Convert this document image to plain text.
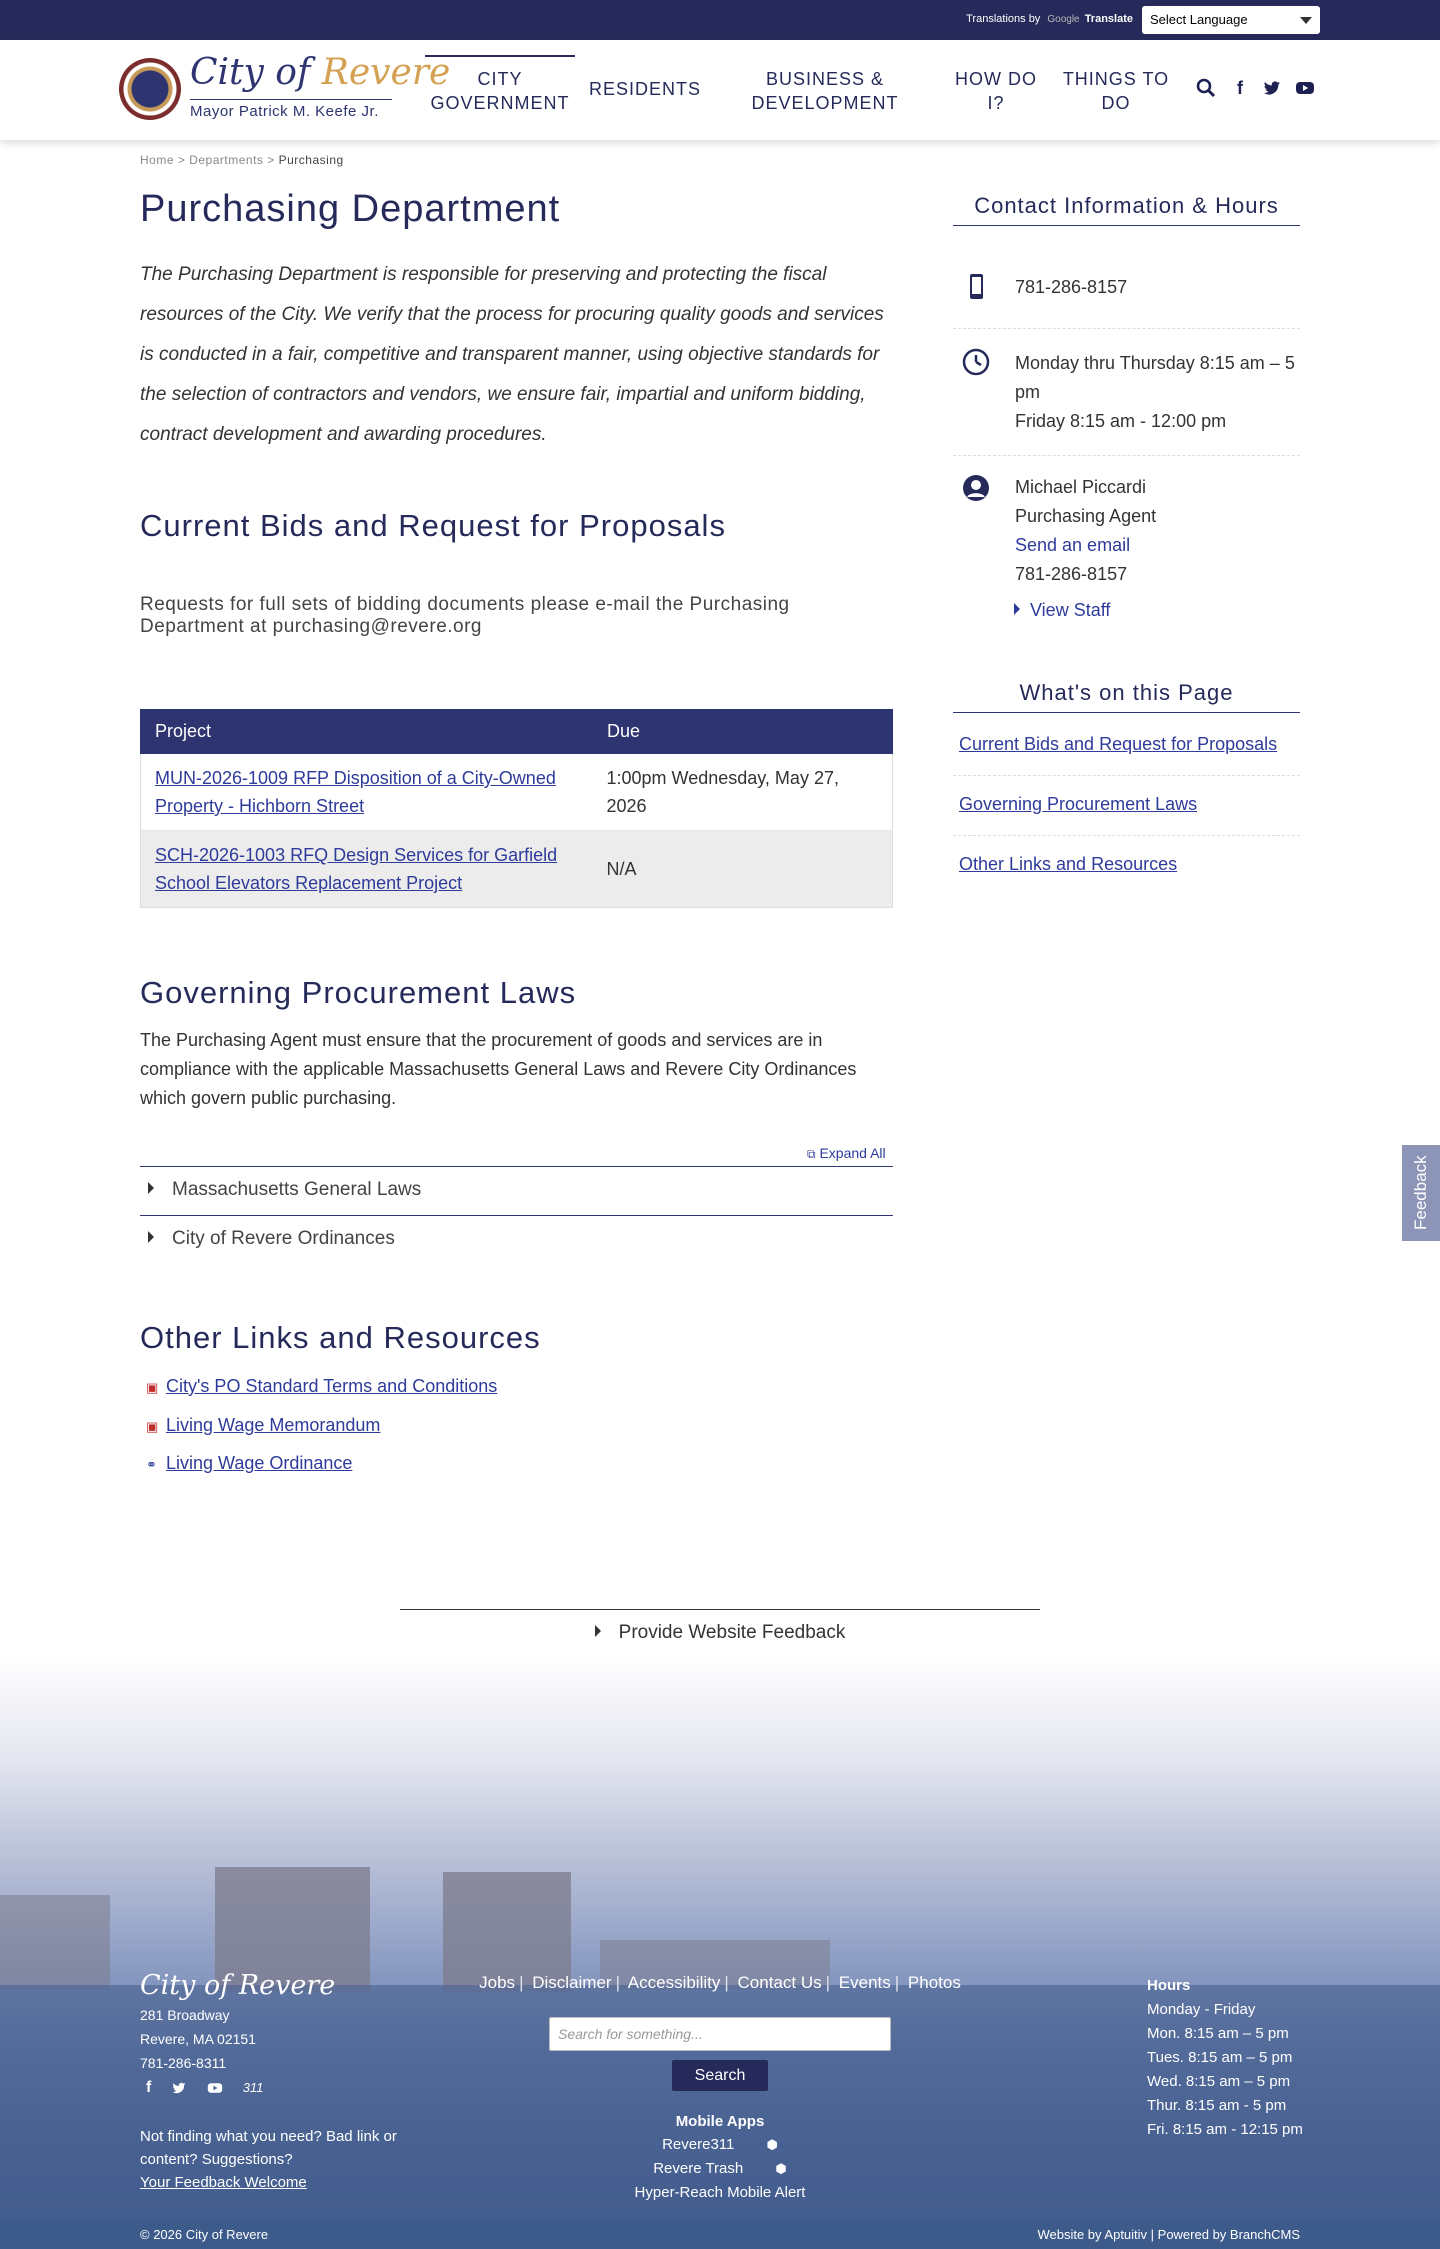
Translations by Google Translate	Select Language
City of Revere
Mayor Patrick M. Keefe Jr.
CITY GOVERNMENT
RESIDENTS	BUSINESS & DEVELOPMENT
HOW DO I?
THINGS TO DO
f
Home > Departments > Purchasing
Purchasing Department
The Purchasing Department is responsible for preserving and protecting the fiscal resources of the City. We verify that the process for procuring quality goods and services is conducted in a fair, competitive and transparent manner, using objective standards for the selection of contractors and vendors, we ensure fair, impartial and uniform bidding, contract development and awarding procedures.
Current Bids and Request for Proposals
Requests for full sets of bidding documents please e-mail the Purchasing Department at purchasing@revere.org
Project	Due
MUN-2026-1009 RFP Disposition of a City-Owned Property - Hichborn Street	1:00pm Wednesday, May 27, 2026
SCH-2026-1003 RFQ Design Services for Garfield School Elevators Replacement Project	N/A
Governing Procurement Laws
The Purchasing Agent must ensure that the procurement of goods and services are in compliance with the applicable Massachusetts General Laws and Revere City Ordinances which govern public purchasing.
⧉ Expand All
Massachusetts General Laws
City of Revere Ordinances
Other Links and Resources
▣ City's PO Standard Terms and Conditions
▣ Living Wage Memorandum
⚭ Living Wage Ordinance
Contact Information & Hours
781-286-8157
Monday thru Thursday 8:15 am – 5
pm
Friday 8:15 am - 12:00 pm
Michael Piccardi
Purchasing Agent
Send an email
781-286-8157
View Staff
What's on this Page
Current Bids and Request for Proposals
Governing Procurement Laws
Other Links and Resources
Feedback
Provide Website Feedback
City of Revere
281 Broadway
Revere, MA 02151
781-286-8311
f	311
Not finding what you need? Bad link or content? Suggestions?
Your Feedback Welcome
Jobs | Disclaimer | Accessibility | Contact Us | Events | Photos
Search for something...
Search
Mobile Apps
Revere311 ⬢
Revere Trash ⬢
Hyper-Reach Mobile Alert
Hours
Monday - Friday
Mon. 8:15 am – 5 pm
Tues. 8:15 am – 5 pm
Wed. 8:15 am – 5 pm
Thur. 8:15 am - 5 pm
Fri. 8:15 am - 12:15 pm
© 2026 City of Revere	Website by Aptuitiv | Powered by BranchCMS
